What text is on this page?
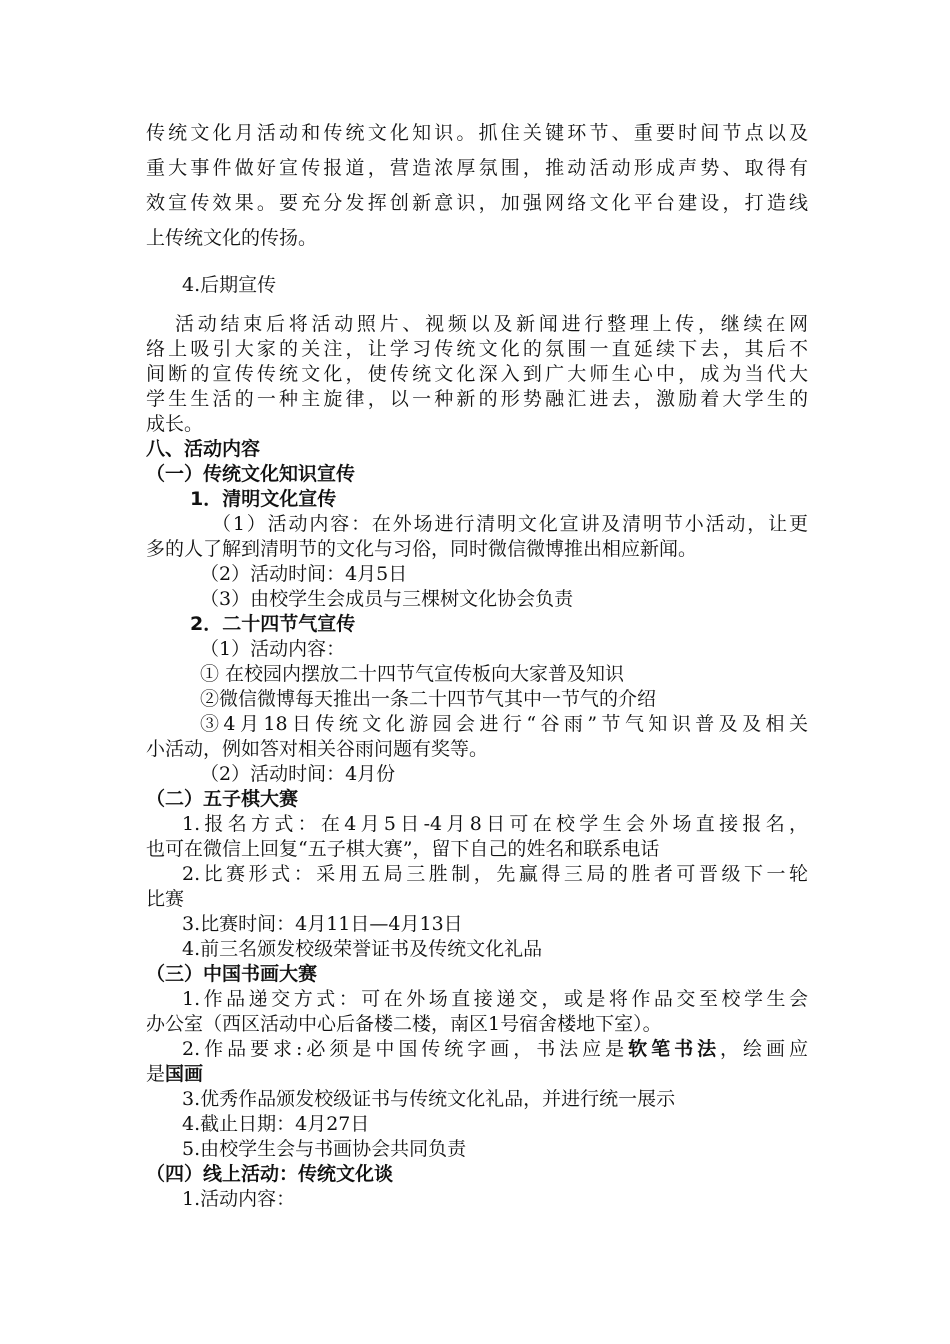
传统文化月活动和传统文化知识。抓住关键环节、重要时间节点以及
重大事件做好宣传报道，营造浓厚氛围，推动活动形成声势、取得有
效宣传效果。要充分发挥创新意识，加强网络文化平台建设，打造线
上传统文化的传扬。
4.后期宣传
活动结束后将活动照片、视频以及新闻进行整理上传，继续在网
络上吸引大家的关注，让学习传统文化的氛围一直延续下去，其后不
间断的宣传传统文化，使传统文化深入到广大师生心中，成为当代大
学生生活的一种主旋律，以一种新的形势融汇进去，激励着大学生的
成长。
八、活动内容
（一）传统文化知识宣传
1．清明文化宣传
（1）活动内容：在外场进行清明文化宣讲及清明节小活动，让更
多的人了解到清明节的文化与习俗，同时微信微博推出相应新闻。
（2）活动时间：4月5日
（3）由校学生会成员与三棵树文化协会负责
2．二十四节气宣传
（1）活动内容：
① 在校园内摆放二十四节气宣传板向大家普及知识
②微信微博每天推出一条二十四节气其中一节气的介绍
③4月18日传统文化游园会进行“谷雨”节气知识普及及相关
小活动，例如答对相关谷雨问题有奖等。
（2）活动时间：4月份
（二）五子棋大赛
1.报名方式：在4月5日-4月8日可在校学生会外场直接报名，
也可在微信上回复“五子棋大赛”，留下自己的姓名和联系电话
2.比赛形式：采用五局三胜制，先赢得三局的胜者可晋级下一轮
比赛
3.比赛时间：4月11日—4月13日
4.前三名颁发校级荣誉证书及传统文化礼品
（三）中国书画大赛
1.作品递交方式：可在外场直接递交，或是将作品交至校学生会
办公室（西区活动中心后备楼二楼，南区1号宿舍楼地下室）。
2.作品要求:必须是中国传统字画，书法应是软笔书法，绘画应
是国画
3.优秀作品颁发校级证书与传统文化礼品，并进行统一展示
4.截止日期：4月27日
5.由校学生会与书画协会共同负责
（四）线上活动：传统文化谈
1.活动内容：
